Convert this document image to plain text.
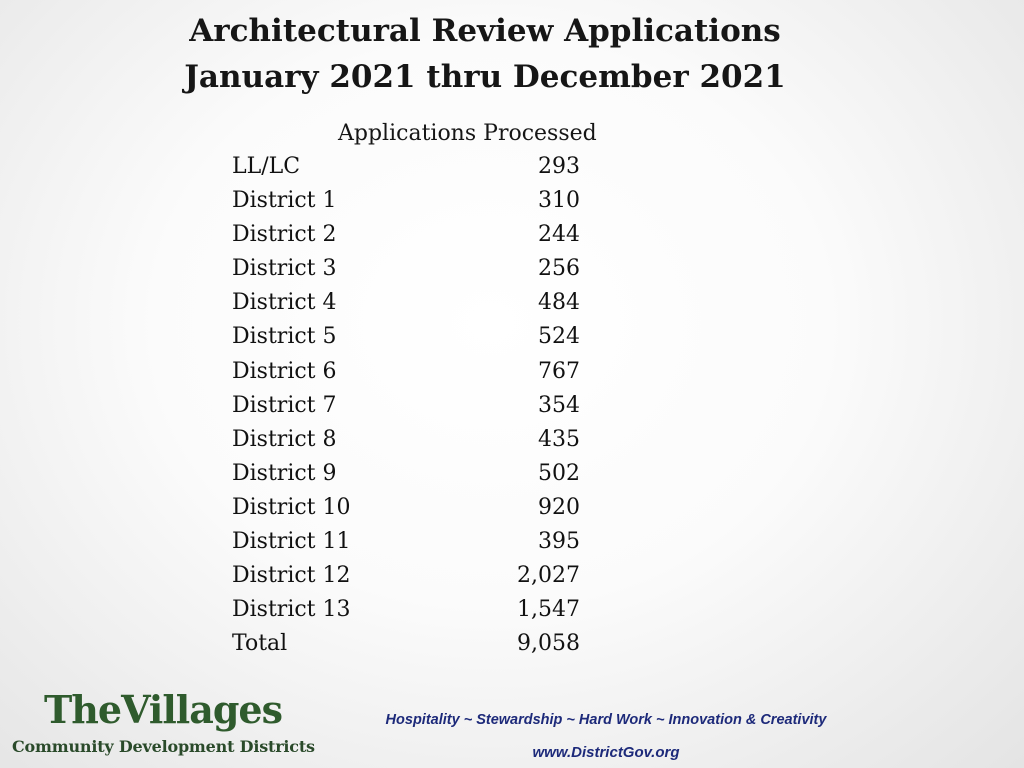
Architectural Review Applications
January 2021 thru December 2021
Applications Processed
LL/LC	293
District 1	310
District 2	244
District 3	256
District 4	484
District 5	524
District 6	767
District 7	354
District 8	435
District 9	502
District 10	920
District 11	395
District 12	2,027
District 13	1,547
Total	9,058
TheVillages
Community Development Districts
Hospitality ~ Stewardship ~ Hard Work ~ Innovation & Creativity
www.DistrictGov.org
